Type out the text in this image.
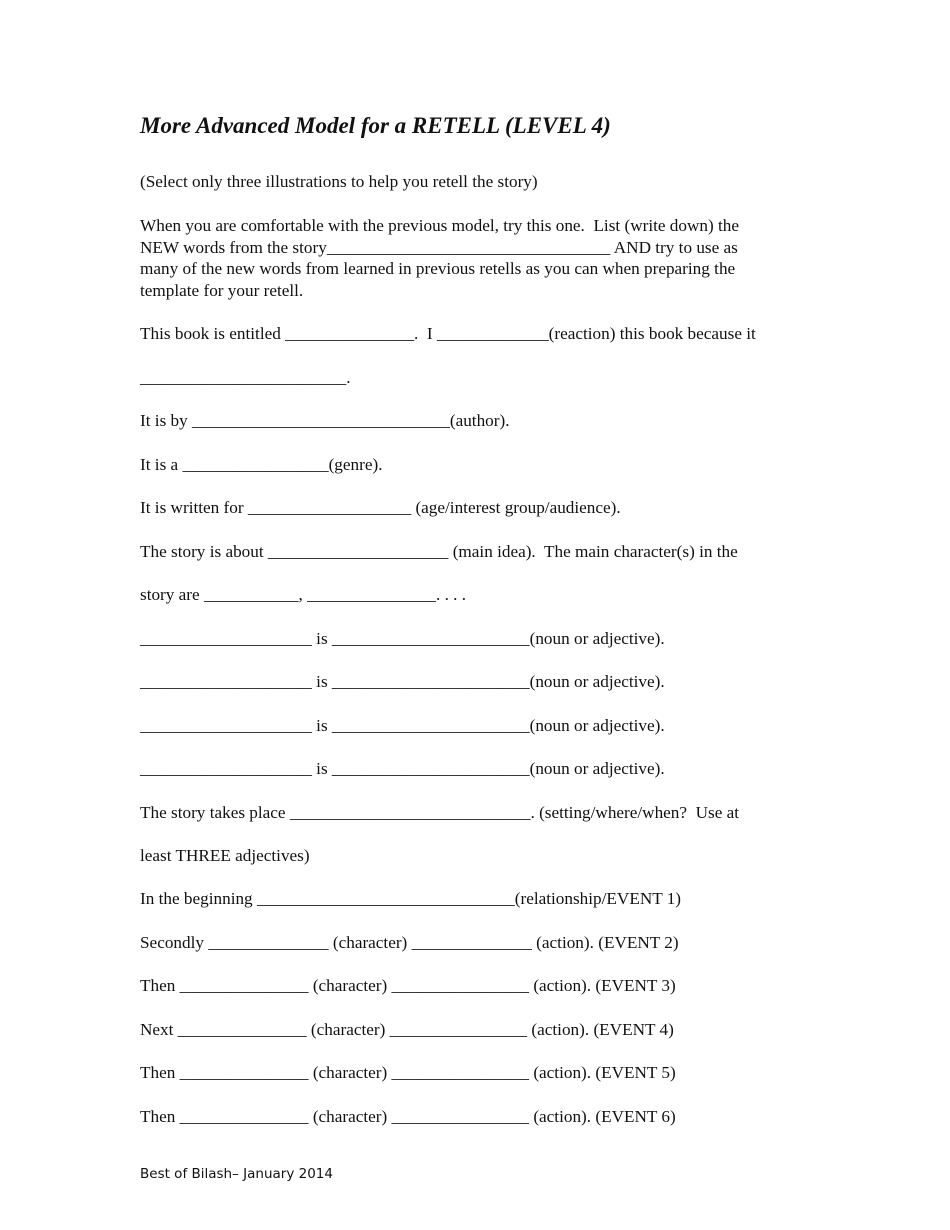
More Advanced Model for a RETELL (LEVEL 4)
(Select only three illustrations to help you retell the story)
When you are comfortable with the previous model, try this one.  List (write down) the
NEW words from the story_________________________________ AND try to use as
many of the new words from learned in previous retells as you can when preparing the
template for your retell.
This book is entitled _______________.  I _____________(reaction) this book because it
________________________.
It is by ______________________________(author).
It is a _________________(genre).
It is written for ___________________ (age/interest group/audience).
The story is about _____________________ (main idea).  The main character(s) in the
story are ___________, _______________. . . .
____________________ is _______________________(noun or adjective).
____________________ is _______________________(noun or adjective).
____________________ is _______________________(noun or adjective).
____________________ is _______________________(noun or adjective).
The story takes place ____________________________. (setting/where/when?  Use at
least THREE adjectives)
In the beginning ______________________________(relationship/EVENT 1)
Secondly ______________ (character) ______________ (action). (EVENT 2)
Then _______________ (character) ________________ (action). (EVENT 3)
Next _______________ (character) ________________ (action). (EVENT 4)
Then _______________ (character) ________________ (action). (EVENT 5)
Then _______________ (character) ________________ (action). (EVENT 6)
Best of Bilash– January 2014
